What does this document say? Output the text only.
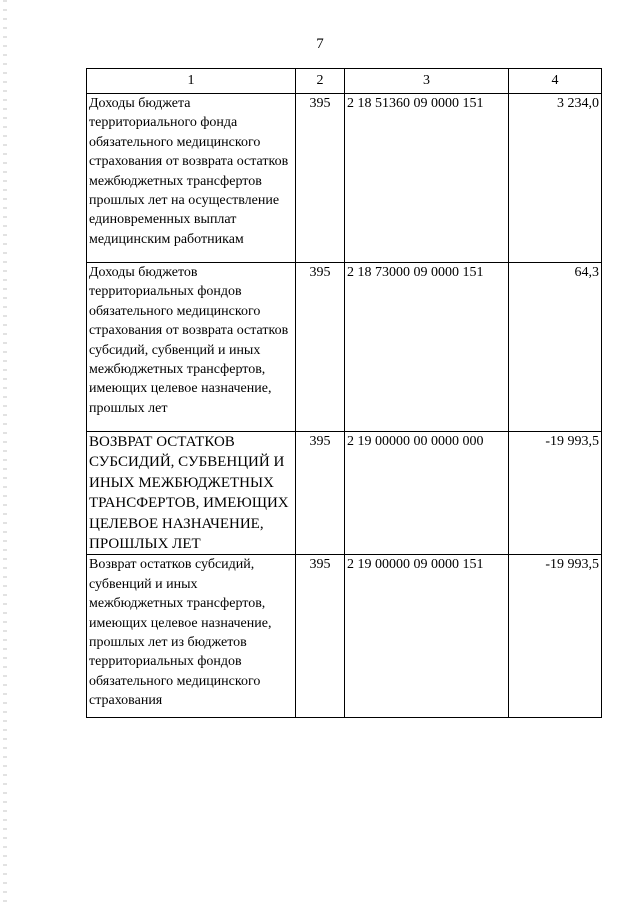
7
1	2	3	4
Доходы бюджета территориального фонда обязательного медицинского страхования от возврата остатков межбюджетных трансфертов прошлых лет на осуществление единовременных выплат медицинским работникам	395	2 18 51360 09 0000 151	3 234,0
Доходы бюджетов территориальных фондов обязательного медицинского страхования от возврата остатков субсидий, субвенций и иных межбюджетных трансфертов, имеющих целевое назначение, прошлых лет	395	2 18 73000 09 0000 151	64,3
ВОЗВРАТ ОСТАТКОВ СУБСИДИЙ, СУБВЕНЦИЙ И ИНЫХ МЕЖБЮДЖЕТНЫХ ТРАНСФЕРТОВ, ИМЕЮЩИХ ЦЕЛЕВОЕ НАЗНАЧЕНИЕ, ПРОШЛЫХ ЛЕТ	395	2 19 00000 00 0000 000	-19 993,5
Возврат остатков субсидий, субвенций и иных межбюджетных трансфертов, имеющих целевое назначение, прошлых лет из бюджетов территориальных фондов обязательного медицинского страхования	395	2 19 00000 09 0000 151	-19 993,5
